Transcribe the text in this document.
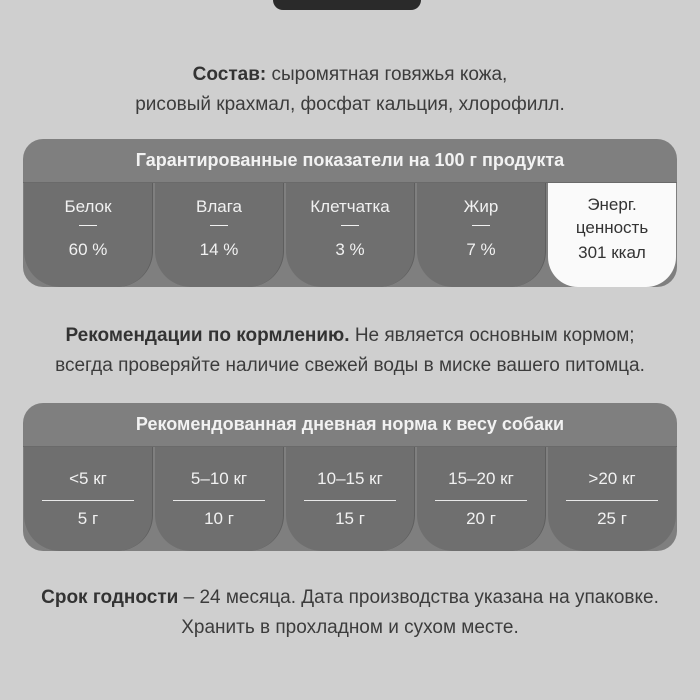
Состав: сыромятная говяжья кожа,
рисовый крахмал, фосфат кальция, хлорофилл.
Гарантированные показатели на 100 г продукта
Белок
60 %
Влага
14 %
Клетчатка
3 %
Жир
7 %
Энерг.
ценность
301 ккал
Рекомендации по кормлению. Не является основным кормом;
всегда проверяйте наличие свежей воды в миске вашего питомца.
Рекомендованная дневная норма к весу собаки
<5 кг
5 г
5–10 кг
10 г
10–15 кг
15 г
15–20 кг
20 г
>20 кг
25 г
Срок годности – 24 месяца. Дата производства указана на упаковке.
Хранить в прохладном и сухом месте.
